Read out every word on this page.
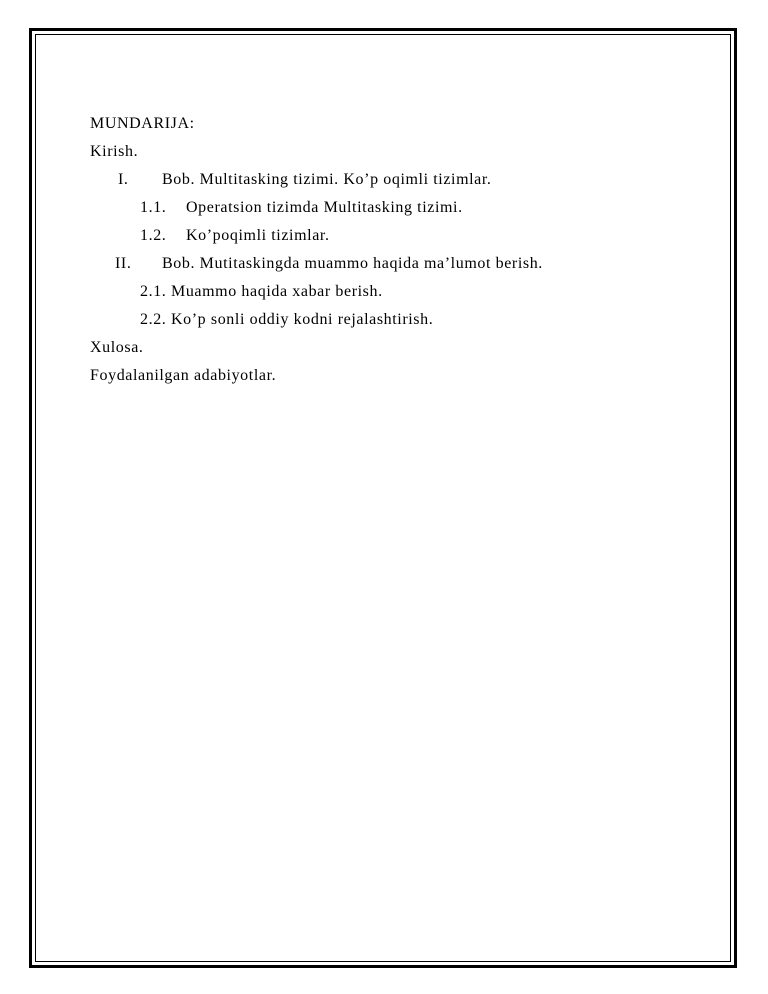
MUNDARIJA:
Kirish.
I. Bob. Multitasking tizimi. Ko’p oqimli tizimlar.
1.1. Operatsion tizimda Multitasking tizimi.
1.2. Ko’poqimli tizimlar.
II. Bob. Mutitaskingda muammo haqida ma’lumot berish.
2.1. Muammo haqida xabar berish.
2.2. Ko’p sonli oddiy kodni rejalashtirish.
Xulosa.
Foydalanilgan adabiyotlar.
